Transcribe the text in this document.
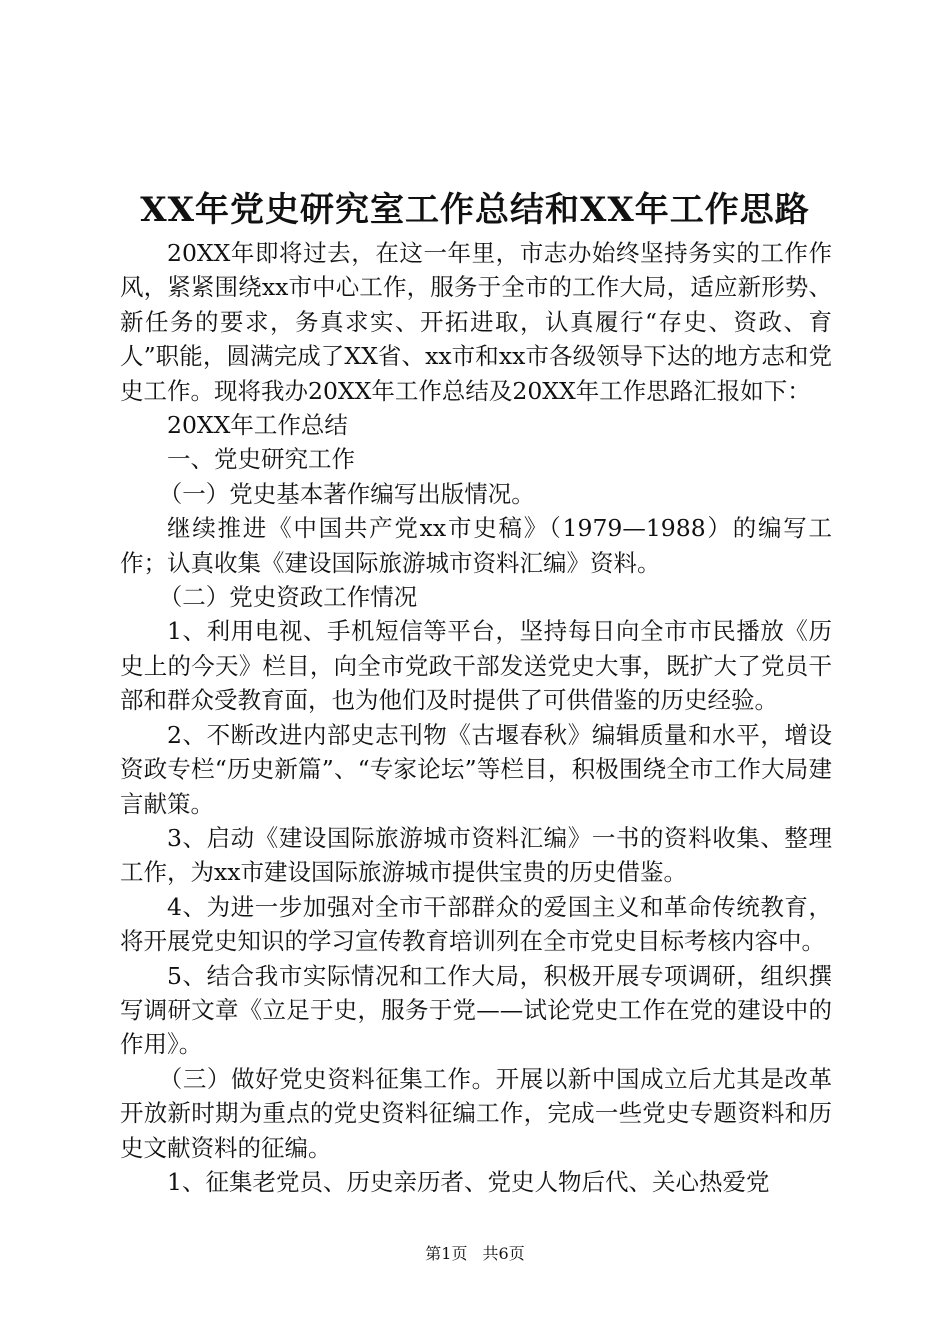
XX年党史研究室工作总结和XX年工作思路

20XX年即将过去，在这一年里，市志办始终坚持务实的工作作风，紧紧围绕xx市中心工作，服务于全市的工作大局，适应新形势、新任务的要求，务真求实、开拓进取，认真履行“存史、资政、育人”职能，圆满完成了XX省、xx市和xx市各级领导下达的地方志和党史工作。现将我办20XX年工作总结及20XX年工作思路汇报如下：

20XX年工作总结

一、党史研究工作

（一）党史基本著作编写出版情况。

继续推进《中国共产党xx市史稿》（1979—1988）的编写工作；认真收集《建设国际旅游城市资料汇编》资料。

（二）党史资政工作情况

1、利用电视、手机短信等平台，坚持每日向全市市民播放《历史上的今天》栏目，向全市党政干部发送党史大事，既扩大了党员干部和群众受教育面，也为他们及时提供了可供借鉴的历史经验。

2、不断改进内部史志刊物《古堰春秋》编辑质量和水平，增设资政专栏“历史新篇”、“专家论坛”等栏目，积极围绕全市工作大局建言献策。

3、启动《建设国际旅游城市资料汇编》一书的资料收集、整理工作，为xx市建设国际旅游城市提供宝贵的历史借鉴。

4、为进一步加强对全市干部群众的爱国主义和革命传统教育，将开展党史知识的学习宣传教育培训列在全市党史目标考核内容中。

5、结合我市实际情况和工作大局，积极开展专项调研，组织撰写调研文章《立足于史，服务于党——试论党史工作在党的建设中的作用》。

（三）做好党史资料征集工作。开展以新中国成立后尤其是改革开放新时期为重点的党史资料征编工作，完成一些党史专题资料和历史文献资料的征编。

1、征集老党员、历史亲历者、党史人物后代、关心热爱党

第1页 共6页
